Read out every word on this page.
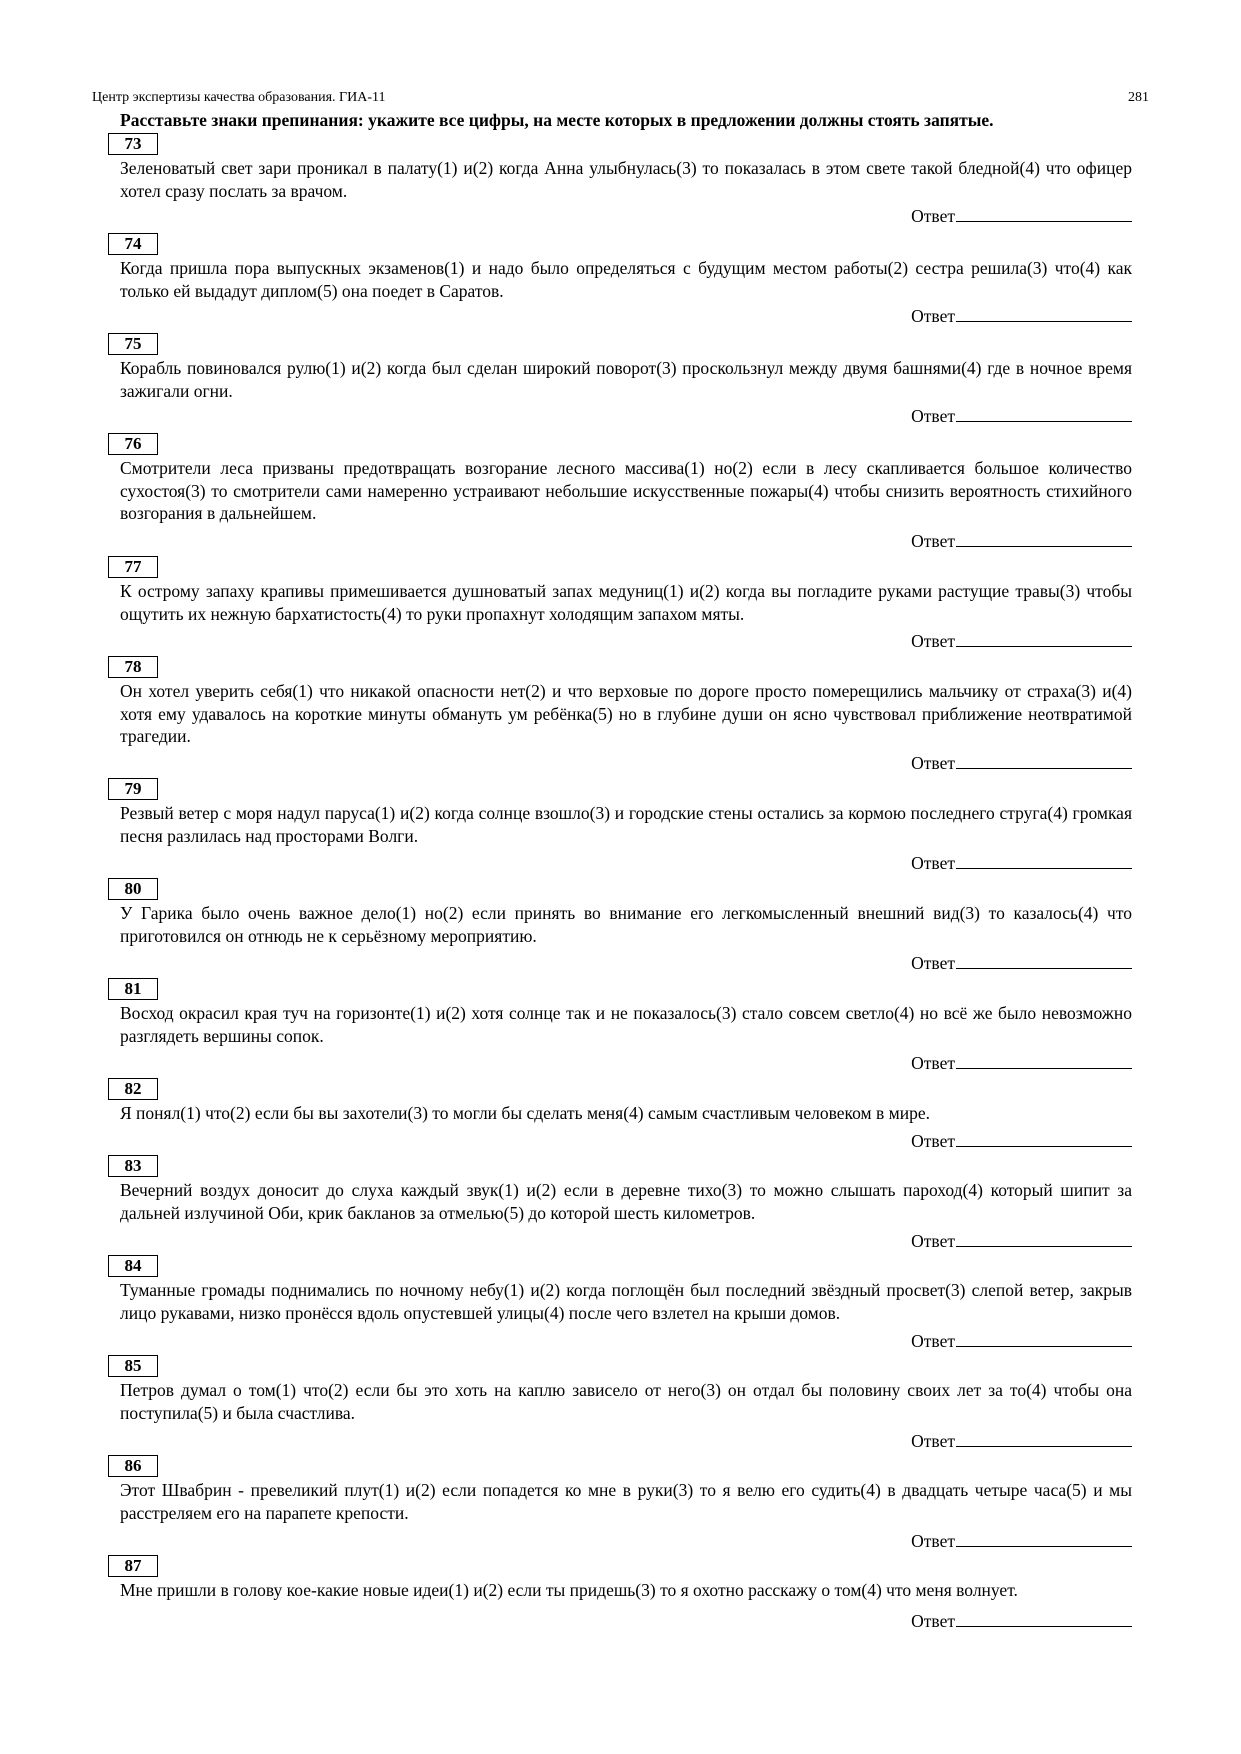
Центр экспертизы качества образования. ГИА-11	281
Расставьте знаки препинания: укажите все цифры, на месте которых в предложении должны стоять запятые.
73
Зеленоватый свет зари проникал в палату(1) и(2) когда Анна улыбнулась(3) то показалась в этом свете такой бледной(4) что офицер хотел сразу послать за врачом.
Ответ
74
Когда пришла пора выпускных экзаменов(1) и надо было определяться с будущим местом работы(2) сестра решила(3) что(4) как только ей выдадут диплом(5) она поедет в Саратов.
Ответ
75
Корабль повиновался рулю(1) и(2) когда был сделан широкий поворот(3) проскользнул между двумя башнями(4) где в ночное время зажигали огни.
Ответ
76
Смотрители леса призваны предотвращать возгорание лесного массива(1) но(2) если в лесу скапливается большое количество сухостоя(3) то смотрители сами намеренно устраивают небольшие искусственные пожары(4) чтобы снизить вероятность стихийного возгорания в дальнейшем.
Ответ
77
К острому запаху крапивы примешивается душноватый запах медуниц(1) и(2) когда вы погладите руками растущие травы(3) чтобы ощутить их нежную бархатистость(4) то руки пропахнут холодящим запахом мяты.
Ответ
78
Он хотел уверить себя(1) что никакой опасности нет(2) и что верховые по дороге просто померещились мальчику от страха(3) и(4) хотя ему удавалось на короткие минуты обмануть ум ребёнка(5) но в глубине души он ясно чувствовал приближение неотвратимой трагедии.
Ответ
79
Резвый ветер с моря надул паруса(1) и(2) когда солнце взошло(3) и городские стены остались за кормою последнего струга(4) громкая песня разлилась над просторами Волги.
Ответ
80
У Гарика было очень важное дело(1) но(2) если принять во внимание его легкомысленный внешний вид(3) то казалось(4) что приготовился он отнюдь не к серьёзному мероприятию.
Ответ
81
Восход окрасил края туч на горизонте(1) и(2) хотя солнце так и не показалось(3) стало совсем светло(4) но всё же было невозможно разглядеть вершины сопок.
Ответ
82
Я понял(1) что(2) если бы вы захотели(3) то могли бы сделать меня(4) самым счастливым человеком в мире.
Ответ
83
Вечерний воздух доносит до слуха каждый звук(1) и(2) если в деревне тихо(3) то можно слышать пароход(4) который шипит за дальней излучиной Оби, крик бакланов за отмелью(5) до которой шесть километров.
Ответ
84
Туманные громады поднимались по ночному небу(1) и(2) когда поглощён был последний звёздный просвет(3) слепой ветер, закрыв лицо рукавами, низко пронёсся вдоль опустевшей улицы(4) после чего взлетел на крыши домов.
Ответ
85
Петров думал о том(1) что(2) если бы это хоть на каплю зависело от него(3) он отдал бы половину своих лет за то(4) чтобы она поступила(5) и была счастлива.
Ответ
86
Этот Швабрин - превеликий плут(1) и(2) если попадется ко мне в руки(3) то я велю его судить(4) в двадцать четыре часа(5) и мы расстреляем его на парапете крепости.
Ответ
87
Мне пришли в голову кое-какие новые идеи(1) и(2) если ты придешь(3) то я охотно расскажу о том(4) что меня волнует.
Ответ
